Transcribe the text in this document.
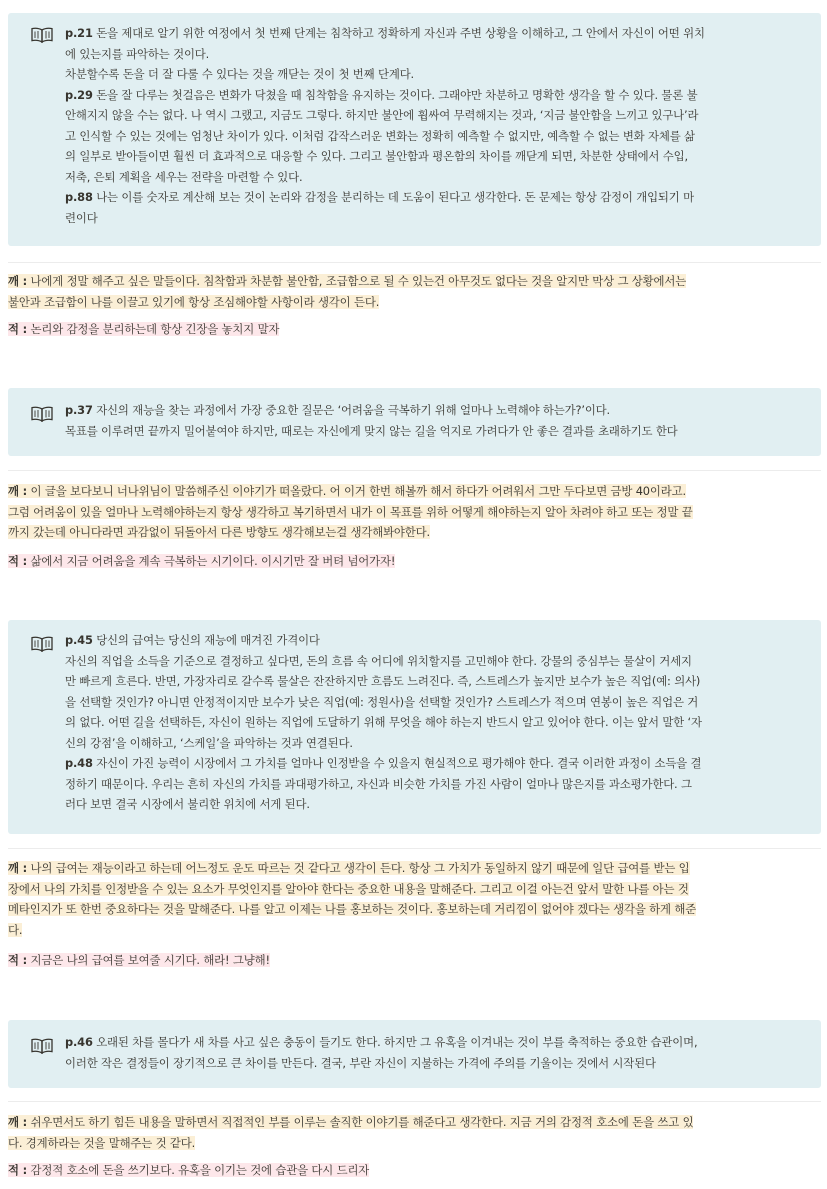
p.21 돈을 제대로 알기 위한 여정에서 첫 번째 단계는 침착하고 정확하게 자신과 주변 상황을 이해하고, 그 안에서 자신이 어떤 위치
에 있는지를 파악하는 것이다.
차분할수록 돈을 더 잘 다룰 수 있다는 것을 깨닫는 것이 첫 번째 단계다.
p.29 돈을 잘 다루는 첫걸음은 변화가 닥쳤을 때 침착함을 유지하는 것이다. 그래야만 차분하고 명확한 생각을 할 수 있다. 물론 불
안해지지 않을 수는 없다. 나 역시 그랬고, 지금도 그렇다. 하지만 불안에 휩싸여 무력해지는 것과, ‘지금 불안함을 느끼고 있구나’라
고 인식할 수 있는 것에는 엄청난 차이가 있다. 이처럼 갑작스러운 변화는 정확히 예측할 수 없지만, 예측할 수 없는 변화 자체를 삶
의 일부로 받아들이면 훨씬 더 효과적으로 대응할 수 있다. 그리고 불안함과 평온함의 차이를 깨닫게 되면, 차분한 상태에서 수입,
저축, 은퇴 계획을 세우는 전략을 마련할 수 있다.
p.88 나는 이를 숫자로 계산해 보는 것이 논리와 감정을 분리하는 데 도움이 된다고 생각한다. 돈 문제는 항상 감정이 개입되기 마
련이다
깨 : 나에게 정말 해주고 싶은 말들이다. 침착함과 차분함 불안함, 조급함으로 될 수 있는건 아무것도 없다는 것을 알지만 막상 그 상황에서는
불안과 조급함이 나를 이끌고 있기에 항상 조심해야할 사항이라 생각이 든다.
적 : 논리와 감정을 분리하는데 항상 긴장을 놓치지 말자
p.37 자신의 재능을 찾는 과정에서 가장 중요한 질문은 ‘어려움을 극복하기 위해 얼마나 노력해야 하는가?’이다.
목표를 이루려면 끝까지 밀어붙여야 하지만, 때로는 자신에게 맞지 않는 길을 억지로 가려다가 안 좋은 결과를 초래하기도 한다
깨 : 이 글을 보다보니 너나위님이 말씀해주신 이야기가 떠올랐다. 어 이거 한번 해볼까 해서 하다가 어려워서 그만 두다보면 금방 40이라고.
그럼 어려움이 있을 얼마나 노력해야하는지 항상 생각하고 복기하면서 내가 이 목표를 위하 어떻게 해야하는지 알아 차려야 하고 또는 정말 끝
까지 갔는데 아니다라면 과감없이 뒤돌아서 다른 방향도 생각해보는걸 생각해봐야한다.
적 : 삶에서 지금 어려움을 계속 극복하는 시기이다. 이시기만 잘 버텨 넘어가자!
p.45 당신의 급여는 당신의 재능에 매겨진 가격이다
자신의 직업을 소득을 기준으로 결정하고 싶다면, 돈의 흐름 속 어디에 위치할지를 고민해야 한다. 강물의 중심부는 물살이 거세지
만 빠르게 흐른다. 반면, 가장자리로 갈수록 물살은 잔잔하지만 흐름도 느려진다. 즉, 스트레스가 높지만 보수가 높은 직업(예: 의사)
을 선택할 것인가? 아니면 안정적이지만 보수가 낮은 직업(예: 정원사)을 선택할 것인가? 스트레스가 적으며 연봉이 높은 직업은 거
의 없다. 어떤 길을 선택하든, 자신이 원하는 직업에 도달하기 위해 무엇을 해야 하는지 반드시 알고 있어야 한다. 이는 앞서 말한 ‘자
신의 강점’을 이해하고, ‘스케일’을 파악하는 것과 연결된다.
p.48 자신이 가진 능력이 시장에서 그 가치를 얼마나 인정받을 수 있을지 현실적으로 평가해야 한다. 결국 이러한 과정이 소득을 결
정하기 때문이다. 우리는 흔히 자신의 가치를 과대평가하고, 자신과 비슷한 가치를 가진 사람이 얼마나 많은지를 과소평가한다. 그
러다 보면 결국 시장에서 불리한 위치에 서게 된다.
깨 : 나의 급여는 재능이라고 하는데 어느정도 운도 따르는 것 같다고 생각이 든다. 항상 그 가치가 동일하지 않기 때문에 일단 급여를 받는 입
장에서 나의 가치를 인정받을 수 있는 요소가 무엇인지를 알아야 한다는 중요한 내용을 말해준다. 그리고 이걸 아는건 앞서 말한 나를 아는 것
메타인지가 또 한번 중요하다는 것을 말해준다. 나를 알고 이제는 나를 홍보하는 것이다. 홍보하는데 거리낌이 없어야 겠다는 생각을 하게 해준
다.
적 : 지금은 나의 급여를 보여줄 시기다. 해라! 그냥해!
p.46 오래된 차를 몰다가 새 차를 사고 싶은 충동이 들기도 한다. 하지만 그 유혹을 이겨내는 것이 부를 축적하는 중요한 습관이며,
이러한 작은 결정들이 장기적으로 큰 차이를 만든다. 결국, 부란 자신이 지불하는 가격에 주의를 기울이는 것에서 시작된다
깨 : 쉬우면서도 하기 힘든 내용을 말하면서 직접적인 부를 이루는 솔직한 이야기를 해준다고 생각한다. 지금 거의 감정적 호소에 돈을 쓰고 있
다. 경계하라는 것을 말해주는 것 같다.
적 : 감정적 호소에 돈을 쓰기보다. 유혹을 이기는 것에 습관을 다시 드리자
